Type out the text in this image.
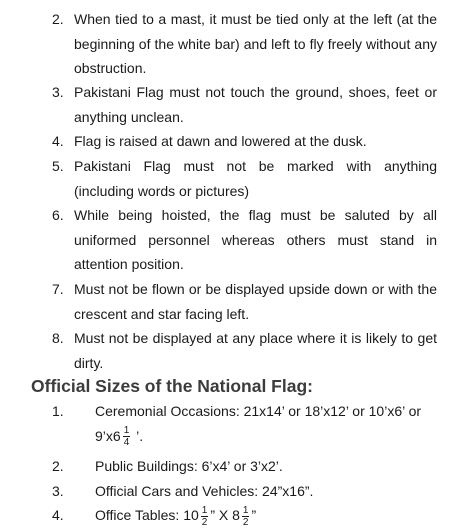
2. When tied to a mast, it must be tied only at the left (at the beginning of the white bar) and left to fly freely without any obstruction.
3. Pakistani Flag must not touch the ground, shoes, feet or anything unclean.
4. Flag is raised at dawn and lowered at the dusk.
5. Pakistani Flag must not be marked with anything (including words or pictures)
6. While being hoisted, the flag must be saluted by all uniformed personnel whereas others must stand in attention position.
7. Must not be flown or be displayed upside down or with the crescent and star facing left.
8. Must not be displayed at any place where it is likely to get dirty.
Official Sizes of the National Flag:
1. Ceremonial Occasions: 21x14’ or 18’x12’ or 10’x6’ or
9’x6 $\frac{1}{4}$ ’.
2. Public Buildings: 6’x4’ or 3’x2’.
3. Official Cars and Vehicles: 24”x16”.
4. Office Tables: $10 \frac{1}{2}$ ” X $8 \frac{1}{2}$ ”
